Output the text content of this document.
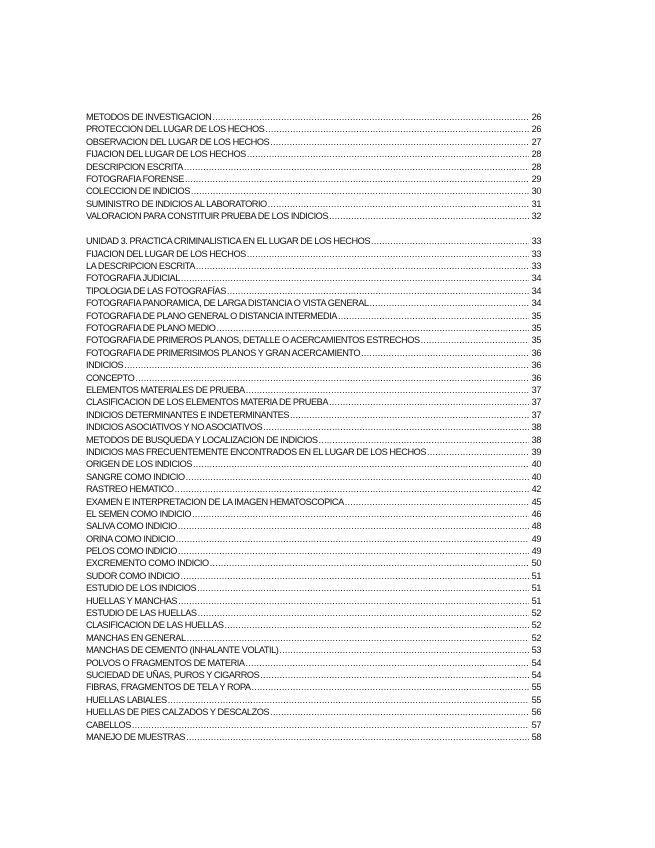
METODOS DE INVESTIGACION .....	26
PROTECCION DEL LUGAR DE LOS HECHOS .....	26
OBSERVACION DEL LUGAR DE LOS HECHOS .....	27
FIJACION DEL LUGAR DE LOS HECHOS .....	28
DESCRIPCION ESCRITA .....	28
FOTOGRAFIA FORENSE .....	29
COLECCION DE INDICIOS .....	30
SUMINISTRO DE INDICIOS AL LABORATORIO .....	31
VALORACION PARA CONSTITUIR PRUEBA DE LOS INDICIOS .....	32
UNIDAD 3. PRACTICA CRIMINALISTICA EN EL LUGAR DE LOS HECHOS .....	33
FIJACION DEL LUGAR DE LOS HECHOS .....	33
LA DESCRIPCION ESCRITA .....	33
FOTOGRAFIA JUDICIAL .....	34
TIPOLOGIA DE LAS FOTOGRAFÍAS .....	34
FOTOGRAFIA PANORAMICA, DE LARGA DISTANCIA O VISTA GENERAL .....	34
FOTOGRAFIA DE PLANO GENERAL O DISTANCIA INTERMEDIA .....	35
FOTOGRAFIA DE PLANO MEDIO .....	35
FOTOGRAFIA DE PRIMEROS PLANOS, DETALLE O ACERCAMIENTOS ESTRECHOS .....	35
FOTOGRAFIA DE PRIMERISIMOS PLANOS Y GRAN ACERCAMIENTO .....	36
INDICIOS .....	36
CONCEPTO .....	36
ELEMENTOS MATERIALES DE PRUEBA .....	37
CLASIFICACION DE LOS ELEMENTOS MATERIA DE PRUEBA .....	37
INDICIOS DETERMINANTES E INDETERMINANTES .....	37
INDICIOS ASOCIATIVOS Y NO ASOCIATIVOS .....	38
METODOS DE BUSQUEDA Y LOCALIZACION DE INDICIOS .....	38
INDICIOS MAS FRECUENTEMENTE ENCONTRADOS EN EL LUGAR DE LOS HECHOS .....	39
ORIGEN DE LOS INDICIOS .....	40
SANGRE COMO INDICIO .....	40
RASTREO HEMATICO .....	42
EXAMEN E INTERPRETACION DE LA IMAGEN HEMATOSCOPICA .....	45
EL SEMEN COMO INDICIO .....	46
SALIVA COMO INDICIO .....	48
ORINA COMO INDICIO .....	49
PELOS COMO INDICIO .....	49
EXCREMENTO COMO INDICIO .....	50
SUDOR COMO INDICIO .....	51
ESTUDIO DE LOS INDICIOS .....	51
HUELLAS Y MANCHAS .....	51
ESTUDIO DE LAS HUELLAS .....	52
CLASIFICACION DE LAS HUELLAS .....	52
MANCHAS EN GENERAL .....	52
MANCHAS DE CEMENTO (INHALANTE VOLATIL) .....	53
POLVOS O FRAGMENTOS DE MATERIA .....	54
SUCIEDAD DE UÑAS, PUROS Y CIGARROS .....	54
FIBRAS, FRAGMENTOS DE TELA Y ROPA .....	55
HUELLAS LABIALES .....	55
HUELLAS DE PIES CALZADOS Y DESCALZOS .....	56
CABELLOS .....	57
MANEJO DE MUESTRAS .....	58
